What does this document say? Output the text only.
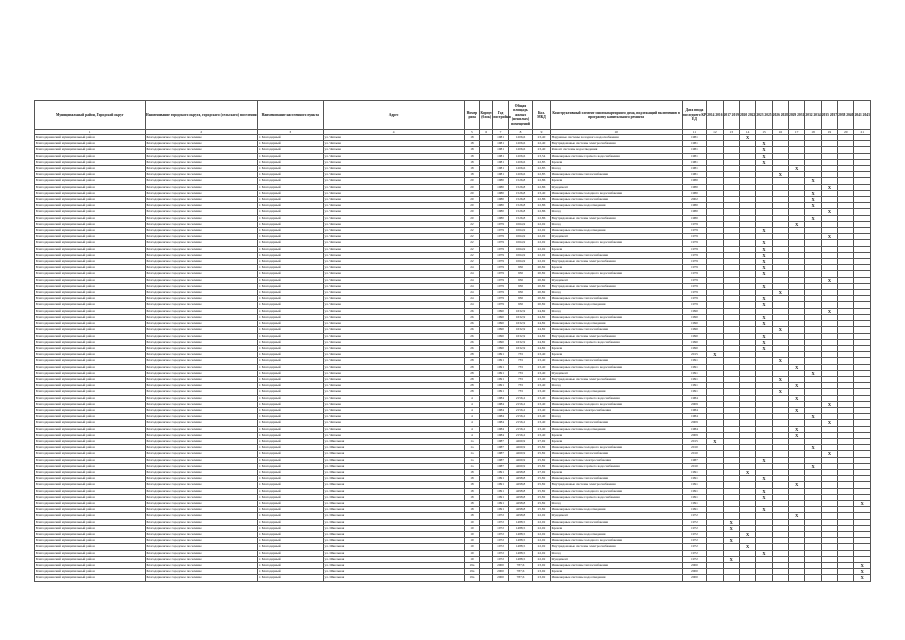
Муниципальный район, Городской округ	Наименование городского округа, городского (сельского) поселения	Наименование населенного пункта	Адрес	Номер дома	Корпус (блок)	Год постройки	Общая площадь жилых (нежилых) помещений	Кол. МКД	Конструктивный элемент многоквартирного дома, подлежащий включению в программу капитального ремонта	Дата ввода последнего КР ЕД	2014 2016	2017 2019	2020 2022	2023 2025	2026 2028	2029 2031	2032 2034	2035 2037	2038 2040	2041 2043
1	2	3	4	5	6	7	8	9	10	11	12	13	14	15	16	17	18	19	20	21
Благодарненский муниципальный район	Благодарненское городское поселение	г. Благодарный	ул. Чапаева	18		1981	1206,6	23,40	Наружные системы холодного водоснабжения	1981			X							
Благодарненский муниципальный район	Благодарненское городское поселение	г. Благодарный	ул. Чапаева	18		1981	1206,6	22,40	Внутридомовые системы электроснабжения	1981				X						
Благодарненский муниципальный район	Благодарненское городское поселение	г. Благодарный	ул. Чапаева	18		1981	1206,6	23,40	Ремонт системы водоотведения	1981				X						
Благодарненский муниципальный район	Благодарненское городское поселение	г. Благодарный	ул. Чапаева	18		1981	1206,6	23,54	Инженерные системы горячего водоснабжения	1981				X						
Благодарненский муниципальный район	Благодарненское городское поселение	г. Благодарный	ул. Чапаева	18		1981	1206,6	22,85	Кровля	1981				X						
Благодарненский муниципальный район	Благодарненское городское поселение	г. Благодарный	ул. Чапаева	18		1981	1206,6	22,85	Фасад	1981						X				
Благодарненский муниципальный район	Благодарненское городское поселение	г. Благодарный	ул. Чапаева	18		1981	1206,6	22,85	Инженерные системы теплоснабжения	1981					X					
Благодарненский муниципальный район	Благодарненское городское поселение	г. Благодарный	ул. Чапаева	20		1980	1526,8	22,86	Кровля	1980							X			
Благодарненский муниципальный район	Благодарненское городское поселение	г. Благодарный	ул. Чапаева	20		1980	1526,8	22,86	Фундамент	1980								X		
Благодарненский муниципальный район	Благодарненское городское поселение	г. Благодарный	ул. Чапаева	20		1980	1526,8	23,40	Инженерные системы холодного водоснабжения	1980							X			
Благодарненский муниципальный район	Благодарненское городское поселение	г. Благодарный	ул. Чапаева	20		1980	1526,8	22,86	Инженерные системы теплоснабжения	2002							X			
Благодарненский муниципальный район	Благодарненское городское поселение	г. Благодарный	ул. Чапаева	20		1980	1526,8	22,86	Инженерные системы водоотведения	1980							X			
Благодарненский муниципальный район	Благодарненское городское поселение	г. Благодарный	ул. Чапаева	20		1980	1526,8	22,86	Фасад	1980								X		
Благодарненский муниципальный район	Благодарненское городское поселение	г. Благодарный	ул. Чапаева	20		1980	1526,8	22,86	Внутридомовые системы электроснабжения	1980							X			
Благодарненский муниципальный район	Благодарненское городское поселение	г. Благодарный	ул. Чапаева	22		1979	1064,9	22,02	Фасад	1979						X				
Благодарненский муниципальный район	Благодарненское городское поселение	г. Благодарный	ул. Чапаева	22		1979	1064,9	22,02	Инженерные системы водоотведения	1979				X						
Благодарненский муниципальный район	Благодарненское городское поселение	г. Благодарный	ул. Чапаева	22		1979	1064,9	22,02	Фундамент	1979								X		
Благодарненский муниципальный район	Благодарненское городское поселение	г. Благодарный	ул. Чапаева	22		1979	1064,9	22,02	Инженерные системы холодного водоснабжения	1979				X						
Благодарненский муниципальный район	Благодарненское городское поселение	г. Благодарный	ул. Чапаева	22		1979	1064,9	22,02	Кровля	1979				X						
Благодарненский муниципальный район	Благодарненское городское поселение	г. Благодарный	ул. Чапаева	22		1979	1064,9	22,02	Инженерные системы теплоснабжения	1979				X						
Благодарненский муниципальный район	Благодарненское городское поселение	г. Благодарный	ул. Чапаева	22		1979	1064,9	22,02	Внутридомовые системы электроснабжения	1979				X						
Благодарненский муниципальный район	Благодарненское городское поселение	г. Благодарный	ул. Чапаева	24		1979	930	20,82	Кровля	1979				X						
Благодарненский муниципальный район	Благодарненское городское поселение	г. Благодарный	ул. Чапаева	24		1979	930	20,82	Инженерные системы холодного водоснабжения	1979				X						
Благодарненский муниципальный район	Благодарненское городское поселение	г. Благодарный	ул. Чапаева	24		1979	930	20,82	Фундамент	1979								X		
Благодарненский муниципальный район	Благодарненское городское поселение	г. Благодарный	ул. Чапаева	24		1979	930	20,82	Внутридомовые системы электроснабжения	1979				X						
Благодарненский муниципальный район	Благодарненское городское поселение	г. Благодарный	ул. Чапаева	24		1979	930	20,82	Фасад	1979					X					
Благодарненский муниципальный район	Благодарненское городское поселение	г. Благодарный	ул. Чапаева	24		1979	930	20,82	Инженерные системы теплоснабжения	1979				X						
Благодарненский муниципальный район	Благодарненское городское поселение	г. Благодарный	ул. Чапаева	24		1979	930	20,82	Инженерные системы водоотведения	1979				X						
Благодарненский муниципальный район	Благодарненское городское поселение	г. Благодарный	ул. Чапаева	26		1990	1632,9	24,82	Фасад	1990								X		
Благодарненский муниципальный район	Благодарненское городское поселение	г. Благодарный	ул. Чапаева	26		1990	1632,9	24,82	Инженерные системы холодного водоснабжения	1990				X						
Благодарненский муниципальный район	Благодарненское городское поселение	г. Благодарный	ул. Чапаева	26		1990	1632,9	24,82	Инженерные системы водоотведения	1990				X						
Благодарненский муниципальный район	Благодарненское городское поселение	г. Благодарный	ул. Чапаева	26		1990	1632,9	24,82	Инженерные системы теплоснабжения	1990					X					
Благодарненский муниципальный район	Благодарненское городское поселение	г. Благодарный	ул. Чапаева	26		1990	1632,9	24,82	Внутридомовые системы электроснабжения	1990				X						
Благодарненский муниципальный район	Благодарненское городское поселение	г. Благодарный	ул. Чапаева	26		1990	1632,9	24,82	Инженерные системы горячего водоснабжения	1990				X						
Благодарненский муниципальный район	Благодарненское городское поселение	г. Благодарный	ул. Чапаева	26		1990	1632,9	24,82	Кровля	1990				X						
Благодарненский муниципальный район	Благодарненское городское поселение	г. Благодарный	ул. Чапаева	28		1991	735	23,40	Кровля	2015	X									
Благодарненский муниципальный район	Благодарненское городское поселение	г. Благодарный	ул. Чапаева	28		1991	735	23,40	Инженерные системы теплоснабжения	1991					X					
Благодарненский муниципальный район	Благодарненское городское поселение	г. Благодарный	ул. Чапаева	28		1991	735	23,40	Инженерные системы холодного водоснабжения	1991						X				
Благодарненский муниципальный район	Благодарненское городское поселение	г. Благодарный	ул. Чапаева	28		1991	735	23,40	Фундамент	1991							X			
Благодарненский муниципальный район	Благодарненское городское поселение	г. Благодарный	ул. Чапаева	28		1991	735	23,40	Внутридомовые системы электроснабжения	1991					X					
Благодарненский муниципальный район	Благодарненское городское поселение	г. Благодарный	ул. Чапаева	28		1991	735	23,40	Фасад	1991						X				
Благодарненский муниципальный район	Благодарненское городское поселение	г. Благодарный	ул. Чапаева	28		1991	735	23,40	Инженерные системы водоотведения	1991					X					
Благодарненский муниципальный район	Благодарненское городское поселение	г. Благодарный	ул. Чапаева	4		1984	2156,2	23,40	Инженерные системы горячего водоснабжения	1984						X				
Благодарненский муниципальный район	Благодарненское городское поселение	г. Благодарный	ул. Чапаева	4		1984	2156,2	23,40	Инженерные системы холодного водоснабжения	2009								X		
Благодарненский муниципальный район	Благодарненское городское поселение	г. Благодарный	ул. Чапаева	4		1984	2156,2	23,40	Инженерные системы электроснабжения	1984						X				
Благодарненский муниципальный район	Благодарненское городское поселение	г. Благодарный	ул. Чапаева	4		1984	2156,2	23,40	Фасад	1984							X			
Благодарненский муниципальный район	Благодарненское городское поселение	г. Благодарный	ул. Чапаева	4		1984	2156,2	23,40	Инженерные системы теплоснабжения	2009								X		
Благодарненский муниципальный район	Благодарненское городское поселение	г. Благодарный	ул. Чапаева	4		1984	2156,2	23,40	Инженерные системы водоотведения	1984						X				
Благодарненский муниципальный район	Благодарненское городское поселение	г. Благодарный	ул. Чапаева	4		1984	2156,2	23,40	Кровля	2009						X				
Благодарненский муниципальный район	Благодарненское городское поселение	г. Благодарный	ул. Школьная	1а		1987	4260,9	27,92	Кровля	2015	X									
Благодарненский муниципальный район	Благодарненское городское поселение	г. Благодарный	ул. Школьная	1а		1987	4260,9	25,82	Инженерные системы холодного водоснабжения	2010							X			
Благодарненский муниципальный район	Благодарненское городское поселение	г. Благодарный	ул. Школьная	1а		1987	4260,9	25,82	Инженерные системы теплоснабжения	2010								X		
Благодарненский муниципальный район	Благодарненское городское поселение	г. Благодарный	ул. Школьная	1а		1987	4260,9	25,82	Инженерные системы электроснабжения	1987				X						
Благодарненский муниципальный район	Благодарненское городское поселение	г. Благодарный	ул. Школьная	1а		1987	4260,9	25,82	Инженерные системы горячего водоснабжения	2010							X			
Благодарненский муниципальный район	Благодарненское городское поселение	г. Благодарный	ул. Школьная	18		1991	4298,8	27,92	Кровля	1991			X							
Благодарненский муниципальный район	Благодарненское городское поселение	г. Благодарный	ул. Школьная	18		1991	4298,8	25,82	Инженерные системы теплоснабжения	1991				X						
Благодарненский муниципальный район	Благодарненское городское поселение	г. Благодарный	ул. Школьная	18		1991	4298,8	25,82	Внутридомовые системы электроснабжения	1991						X				
Благодарненский муниципальный район	Благодарненское городское поселение	г. Благодарный	ул. Школьная	18		1991	4298,8	25,82	Инженерные системы холодного водоснабжения	1991				X						
Благодарненский муниципальный район	Благодарненское городское поселение	г. Благодарный	ул. Школьная	18		1991	4298,8	25,82	Инженерные системы горячего водоснабжения	1991				X						
Благодарненский муниципальный район	Благодарненское городское поселение	г. Благодарный	ул. Школьная	18		1991	4298,8	25,82	Фасад	1991										X
Благодарненский муниципальный район	Благодарненское городское поселение	г. Благодарный	ул. Школьная	18		1991	4298,8	25,82	Инженерные системы водоотведения	1991				X						
Благодарненский муниципальный район	Благодарненское городское поселение	г. Благодарный	ул. Школьная	18		1972	4298,8	22,02	Фундамент	1972						X				
Благодарненский муниципальный район	Благодарненское городское поселение	г. Благодарный	ул. Школьная	19		1972	1488,5	22,02	Инженерные системы теплоснабжения	1972		X								
Благодарненский муниципальный район	Благодарненское городское поселение	г. Благодарный	ул. Школьная	19		1972	1488,5	22,02	Кровля	1972		X								
Благодарненский муниципальный район	Благодарненское городское поселение	г. Благодарный	ул. Школьная	19		1972	1488,5	22,02	Инженерные системы водоотведения	1972			X							
Благодарненский муниципальный район	Благодарненское городское поселение	г. Благодарный	ул. Школьная	19		1972	1488,5	22,02	Инженерные системы холодного водоснабжения	1972		X								
Благодарненский муниципальный район	Благодарненское городское поселение	г. Благодарный	ул. Школьная	19		1972	1488,5	22,02	Внутридомовые системы электроснабжения	1972			X							
Благодарненский муниципальный район	Благодарненское городское поселение	г. Благодарный	ул. Школьная	19		1972	1488,5	22,02	Фасад	1972				X						
Благодарненский муниципальный район	Благодарненское городское поселение	г. Благодарный	ул. Школьная	19		1972	1488,5	22,02	Фундамент	1972		X								
Благодарненский муниципальный район	Благодарненское городское поселение	г. Благодарный	ул. Школьная	19а		2000	787,6	23,92	Инженерные системы теплоснабжения	2000										X
Благодарненский муниципальный район	Благодарненское городское поселение	г. Благодарный	ул. Школьная	19а		2000	787,6	23,92	Кровля	2000										X
Благодарненский муниципальный район	Благодарненское городское поселение	г. Благодарный	ул. Школьная	19а		2000	787,6	23,92	Инженерные системы водоотведения	2000										X
